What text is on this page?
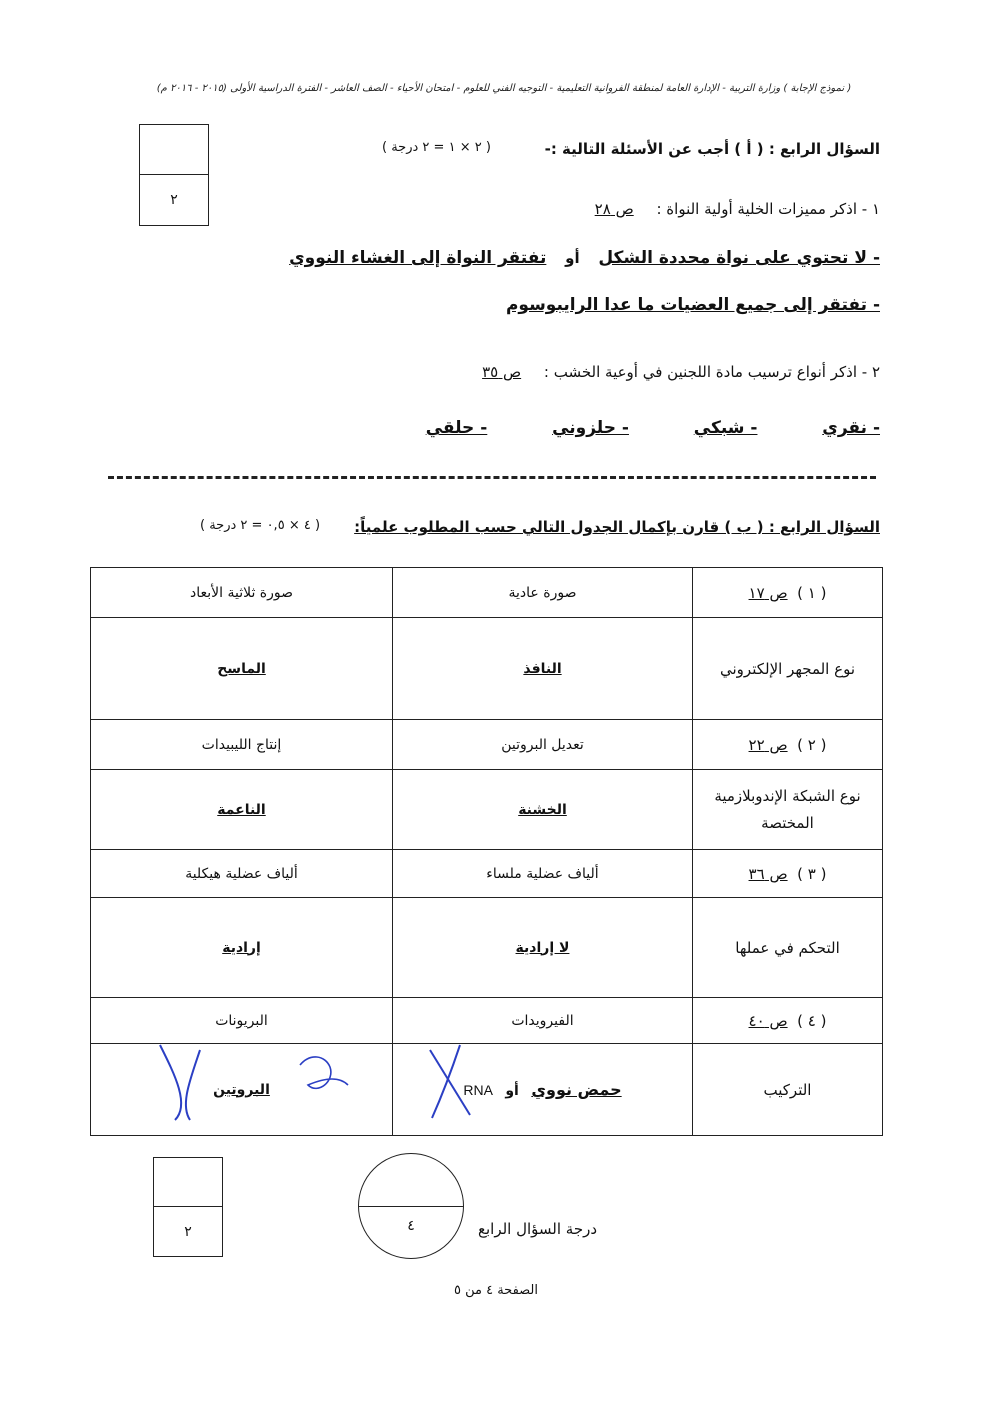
( نموذج الإجابة ) وزارة التربية - الإدارة العامة لمنطقة الفروانية التعليمية - التوجيه الفني للعلوم - امتحان الأحياء - الصف العاشر - الفترة الدراسية الأولى (٢٠١٥ - ٢٠١٦ م)
٢
السؤال الرابع : ( أ ) أجب عن الأسئلة التالية :-
( ٢ × ١ = ٢ درجة )
١ - اذكر مميزات الخلية أولية النواة : ص ٢٨
- لا تحتوي على نواة محددة الشكل أو تفتقر النواة إلى الغشاء النووي
- تفتقر إلى جميع العضيات ما عدا الرايبوسوم
٢ - اذكر أنواع ترسيب مادة اللجنين في أوعية الخشب : ص ٣٥
- نقري - شبكي - حلزوني - حلقي
السؤال الرابع : ( ب ) قارن بإكمال الجدول التالي حسب المطلوب علمياً:
( ٤ × ٠,٥ = ٢ درجة )
( ١ )  ص ١٧	صورة عادية	صورة ثلاثية الأبعاد
نوع المجهر الإلكتروني	النافذ	الماسح
( ٢ )  ص ٢٢	تعديل البروتين	إنتاج الليبيدات
نوع الشبكة الإندوبلازمية المختصة	الخشنة	الناعمة
( ٣ )  ص ٣٦	ألياف عضلية ملساء	ألياف عضلية هيكلية
التحكم في عملها	لا إرادية	إرادية
( ٤ )  ص ٤٠	الفيرويدات	البريونات
التركيب	حمض نووي أو RNA	البروتين
٢	٤	درجة السؤال الرابع
الصفحة ٤ من ٥
